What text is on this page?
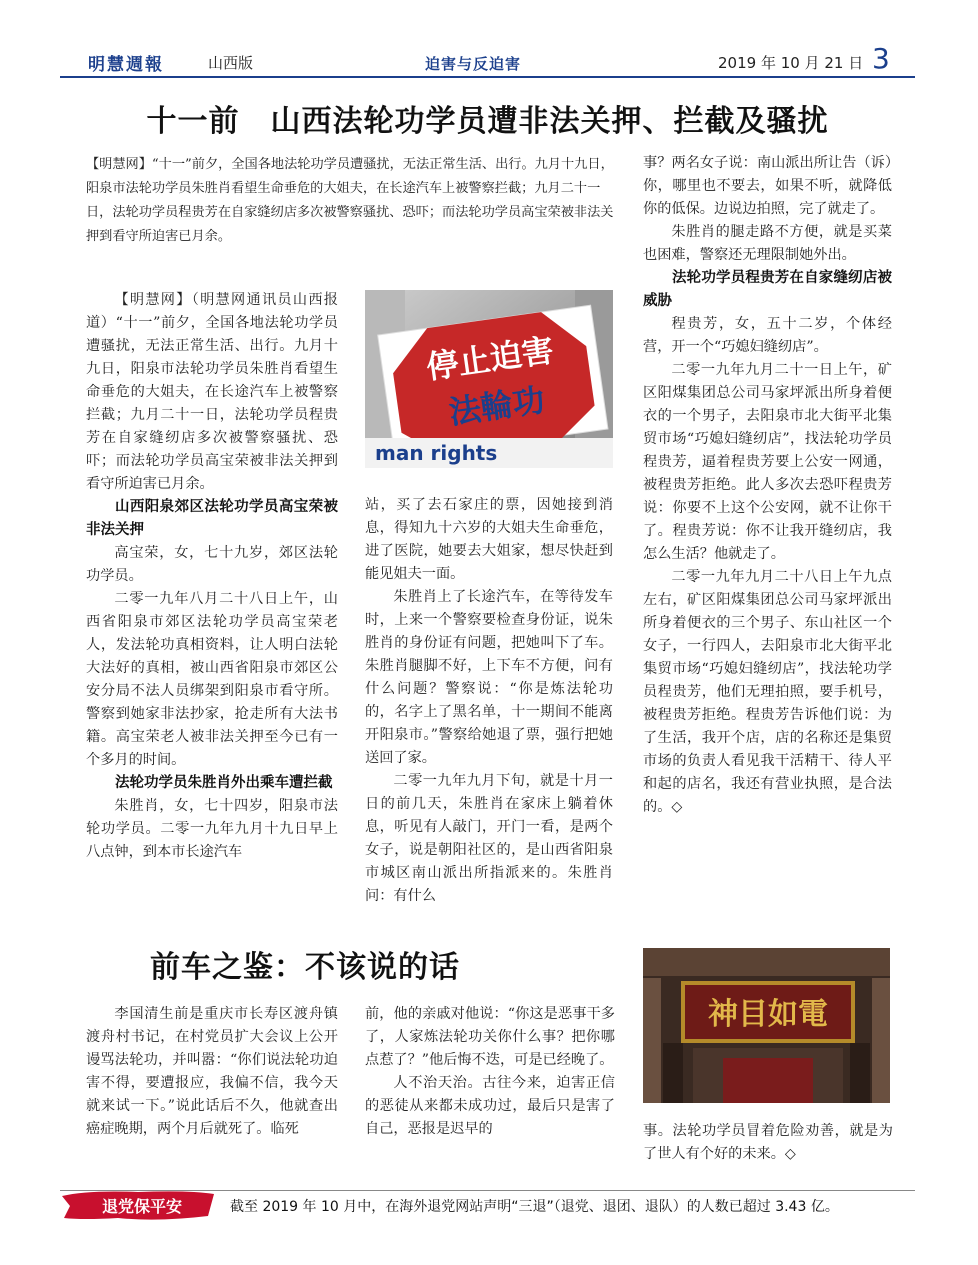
明慧週報	山西版	迫害与反迫害	2019 年 10 月 21 日 3
十一前　山西法轮功学员遭非法关押、拦截及骚扰
【明慧网】“十一”前夕，全国各地法轮功学员遭骚扰，无法正常生活、出行。九月十九日，阳泉市法轮功学员朱胜肖看望生命垂危的大姐夫，在长途汽车上被警察拦截；九月二十一日，法轮功学员程贵芳在自家缝纫店多次被警察骚扰、恐吓；而法轮功学员高宝荣被非法关押到看守所迫害已月余。

【明慧网】（明慧网通讯员山西报道）“十一”前夕，全国各地法轮功学员遭骚扰，无法正常生活、出行。九月十九日，阳泉市法轮功学员朱胜肖看望生命垂危的大姐夫，在长途汽车上被警察拦截；九月二十一日，法轮功学员程贵芳在自家缝纫店多次被警察骚扰、恐吓；而法轮功学员高宝荣被非法关押到看守所迫害已月余。

山西阳泉郊区法轮功学员高宝荣被非法关押

高宝荣，女，七十九岁，郊区法轮功学员。

二零一九年八月二十八日上午，山西省阳泉市郊区法轮功学员高宝荣老人，发法轮功真相资料，让人明白法轮大法好的真相，被山西省阳泉市郊区公安分局不法人员绑架到阳泉市看守所。警察到她家非法抄家，抢走所有大法书籍。高宝荣老人被非法关押至今已有一个多月的时间。

法轮功学员朱胜肖外出乘车遭拦截

朱胜肖，女，七十四岁，阳泉市法轮功学员。二零一九年九月十九日早上八点钟，到本市长途汽车

停止迫害
法輪功
man rights

站，买了去石家庄的票，因她接到消息，得知九十六岁的大姐夫生命垂危，进了医院，她要去大姐家，想尽快赶到能见姐夫一面。

朱胜肖上了长途汽车，在等待发车时，上来一个警察要检查身份证，说朱胜肖的身份证有问题，把她叫下了车。朱胜肖腿脚不好，上下车不方便，问有什么问题？警察说：“你是炼法轮功的，名字上了黑名单，十一期间不能离开阳泉市。”警察给她退了票，强行把她送回了家。

二零一九年九月下旬，就是十月一日的前几天，朱胜肖在家床上躺着休息，听见有人敲门，开门一看，是两个女子，说是朝阳社区的，是山西省阳泉市城区南山派出所指派来的。朱胜肖问：有什么

事？两名女子说：南山派出所让告（诉）你，哪里也不要去，如果不听，就降低你的低保。边说边拍照，完了就走了。

朱胜肖的腿走路不方便，就是买菜也困难，警察还无理限制她外出。

法轮功学员程贵芳在自家缝纫店被威胁

程贵芳，女，五十二岁，个体经营，开一个“巧媳妇缝纫店”。

二零一九年九月二十一日上午，矿区阳煤集团总公司马家坪派出所身着便衣的一个男子，去阳泉市北大街平北集贸市场“巧媳妇缝纫店”，找法轮功学员程贵芳，逼着程贵芳要上公安一网通，被程贵芳拒绝。此人多次去恐吓程贵芳说：你要不上这个公安网，就不让你干了。程贵芳说：你不让我开缝纫店，我怎么生活？他就走了。

二零一九年九月二十八日上午九点左右，矿区阳煤集团总公司马家坪派出所身着便衣的三个男子、东山社区一个女子，一行四人，去阳泉市北大街平北集贸市场“巧媳妇缝纫店”，找法轮功学员程贵芳，他们无理拍照，要手机号，被程贵芳拒绝。程贵芳告诉他们说：为了生活，我开个店，店的名称还是集贸市场的负责人看见我干活精干、待人平和起的店名，我还有营业执照，是合法的。◇

前车之鉴：不该说的话

李国清生前是重庆市长寿区渡舟镇渡舟村书记，在村党员扩大会议上公开谩骂法轮功，并叫嚣：“你们说法轮功迫害不得，要遭报应，我偏不信，我今天就来试一下。”说此话后不久，他就查出癌症晚期，两个月后就死了。临死

前，他的亲戚对他说：“你这是恶事干多了，人家炼法轮功关你什么事？把你哪点惹了？”他后悔不迭，可是已经晚了。

人不治天治。古往今来，迫害正信的恶徒从来都未成功过，最后只是害了自己，恶报是迟早的

神目如電

事。法轮功学员冒着危险劝善，就是为了世人有个好的未来。◇

退党保平安	截至 2019 年 10 月中，在海外退党网站声明“三退”（退党、退团、退队）的人数已超过 3.43 亿。
